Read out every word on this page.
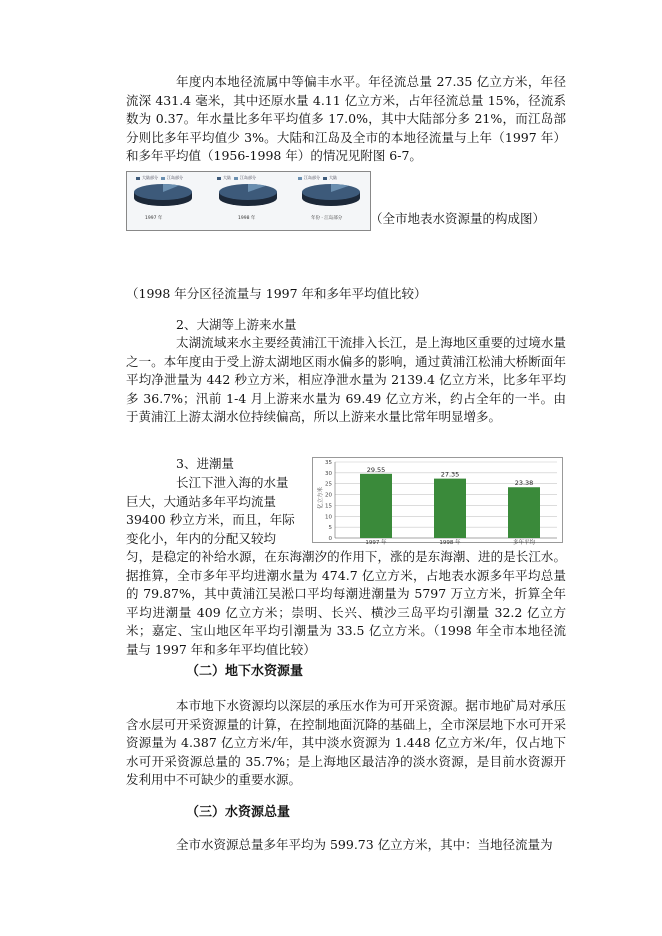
年度内本地径流属中等偏丰水平。年径流总量 27.35 亿立方米，年径流深 431.4 毫米，其中还原水量 4.11 亿立方米，占年径流总量 15%，径流系数为 0.37。年水量比多年平均值多 17.0%，其中大陆部分多 21%，而江岛部分则比多年平均值少 3%。大陆和江岛及全市的本地径流量与上年（1997 年）和多年平均值（1956-1998 年）的情况见附图 6-7。

大陆部分 江岛部分
1997 年
大陆 江岛部分
1998 年
江岛部分 大陆
年份 · 江岛部分 （全市地表水资源量的构成图）
（1998 年分区径流量与 1997 年和多年平均值比较）
2、大湖等上游来水量

太湖流域来水主要经黄浦江干流排入长江，是上海地区重要的过境水量之一。本年度由于受上游太湖地区雨水偏多的影响，通过黄浦江松浦大桥断面年平均净泄量为 442 秒立方米，相应净泄水量为 2139.4 亿立方米，比多年平均多 36.7%；汛前 1-4 月上游来水量为 69.49 亿立方米，约占全年的一半。由于黄浦江上游太湖水位持续偏高，所以上游来水量比常年明显增多。

3、进潮量
长江下泄入海的水量
巨大，大通站多年平均流量
39400 秒立方米，而且，年际
变化小，年内的分配又较均	0
5
10
15
20
25
30
35
亿立方米
29.55
1997 年
27.35
1998 年
23.38
多年平均

匀，是稳定的补给水源，在东海潮汐的作用下，涨的是东海潮、进的是长江水。据推算，全市多年平均进潮水量为 474.7 亿立方米，占地表水源多年平均总量的 79.87%，其中黄浦江吴淞口平均每潮进潮量为 5797 万立方米，折算全年平均进潮量 409 亿立方米；崇明、长兴、横沙三岛平均引潮量 32.2 亿立方米；嘉定、宝山地区年平均引潮量为 33.5 亿立方米。（1998 年全市本地径流量与 1997 年和多年平均值比较）

（二）地下水资源量

本市地下水资源均以深层的承压水作为可开采资源。据市地矿局对承压含水层可开采资源量的计算，在控制地面沉降的基础上，全市深层地下水可开采资源量为 4.387 亿立方米/年，其中淡水资源为 1.448 亿立方米/年，仅占地下水可开采资源总量的 35.7%；是上海地区最洁净的淡水资源，是目前水资源开发利用中不可缺少的重要水源。

（三）水资源总量

全市水资源总量多年平均为 599.73 亿立方米，其中：当地径流量为
